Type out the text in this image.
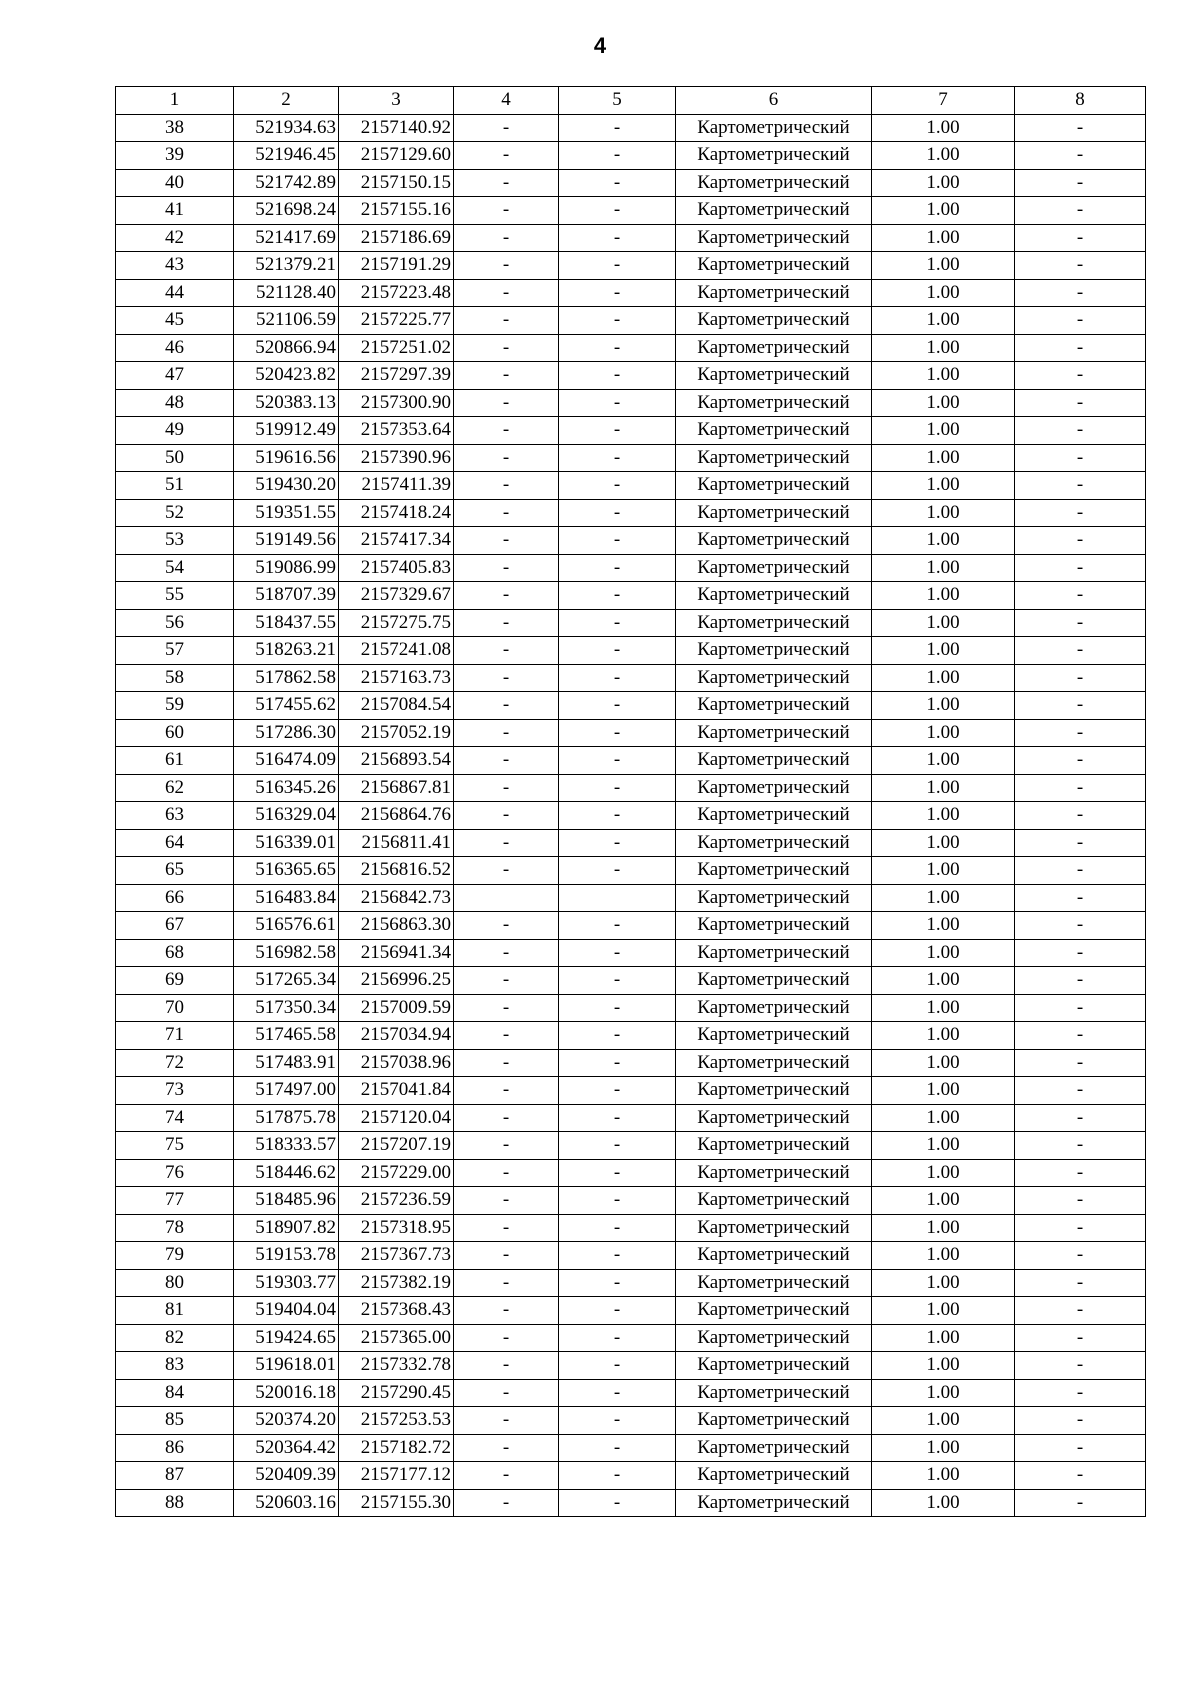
4
1	2	3	4	5	6	7	8
38	521934.63	2157140.92	-	-	Картометрический	1.00	-
39	521946.45	2157129.60	-	-	Картометрический	1.00	-
40	521742.89	2157150.15	-	-	Картометрический	1.00	-
41	521698.24	2157155.16	-	-	Картометрический	1.00	-
42	521417.69	2157186.69	-	-	Картометрический	1.00	-
43	521379.21	2157191.29	-	-	Картометрический	1.00	-
44	521128.40	2157223.48	-	-	Картометрический	1.00	-
45	521106.59	2157225.77	-	-	Картометрический	1.00	-
46	520866.94	2157251.02	-	-	Картометрический	1.00	-
47	520423.82	2157297.39	-	-	Картометрический	1.00	-
48	520383.13	2157300.90	-	-	Картометрический	1.00	-
49	519912.49	2157353.64	-	-	Картометрический	1.00	-
50	519616.56	2157390.96	-	-	Картометрический	1.00	-
51	519430.20	2157411.39	-	-	Картометрический	1.00	-
52	519351.55	2157418.24	-	-	Картометрический	1.00	-
53	519149.56	2157417.34	-	-	Картометрический	1.00	-
54	519086.99	2157405.83	-	-	Картометрический	1.00	-
55	518707.39	2157329.67	-	-	Картометрический	1.00	-
56	518437.55	2157275.75	-	-	Картометрический	1.00	-
57	518263.21	2157241.08	-	-	Картометрический	1.00	-
58	517862.58	2157163.73	-	-	Картометрический	1.00	-
59	517455.62	2157084.54	-	-	Картометрический	1.00	-
60	517286.30	2157052.19	-	-	Картометрический	1.00	-
61	516474.09	2156893.54	-	-	Картометрический	1.00	-
62	516345.26	2156867.81	-	-	Картометрический	1.00	-
63	516329.04	2156864.76	-	-	Картометрический	1.00	-
64	516339.01	2156811.41	-	-	Картометрический	1.00	-
65	516365.65	2156816.52	-	-	Картометрический	1.00	-
66	516483.84	2156842.73			Картометрический	1.00	-
67	516576.61	2156863.30	-	-	Картометрический	1.00	-
68	516982.58	2156941.34	-	-	Картометрический	1.00	-
69	517265.34	2156996.25	-	-	Картометрический	1.00	-
70	517350.34	2157009.59	-	-	Картометрический	1.00	-
71	517465.58	2157034.94	-	-	Картометрический	1.00	-
72	517483.91	2157038.96	-	-	Картометрический	1.00	-
73	517497.00	2157041.84	-	-	Картометрический	1.00	-
74	517875.78	2157120.04	-	-	Картометрический	1.00	-
75	518333.57	2157207.19	-	-	Картометрический	1.00	-
76	518446.62	2157229.00	-	-	Картометрический	1.00	-
77	518485.96	2157236.59	-	-	Картометрический	1.00	-
78	518907.82	2157318.95	-	-	Картометрический	1.00	-
79	519153.78	2157367.73	-	-	Картометрический	1.00	-
80	519303.77	2157382.19	-	-	Картометрический	1.00	-
81	519404.04	2157368.43	-	-	Картометрический	1.00	-
82	519424.65	2157365.00	-	-	Картометрический	1.00	-
83	519618.01	2157332.78	-	-	Картометрический	1.00	-
84	520016.18	2157290.45	-	-	Картометрический	1.00	-
85	520374.20	2157253.53	-	-	Картометрический	1.00	-
86	520364.42	2157182.72	-	-	Картометрический	1.00	-
87	520409.39	2157177.12	-	-	Картометрический	1.00	-
88	520603.16	2157155.30	-	-	Картометрический	1.00	-
